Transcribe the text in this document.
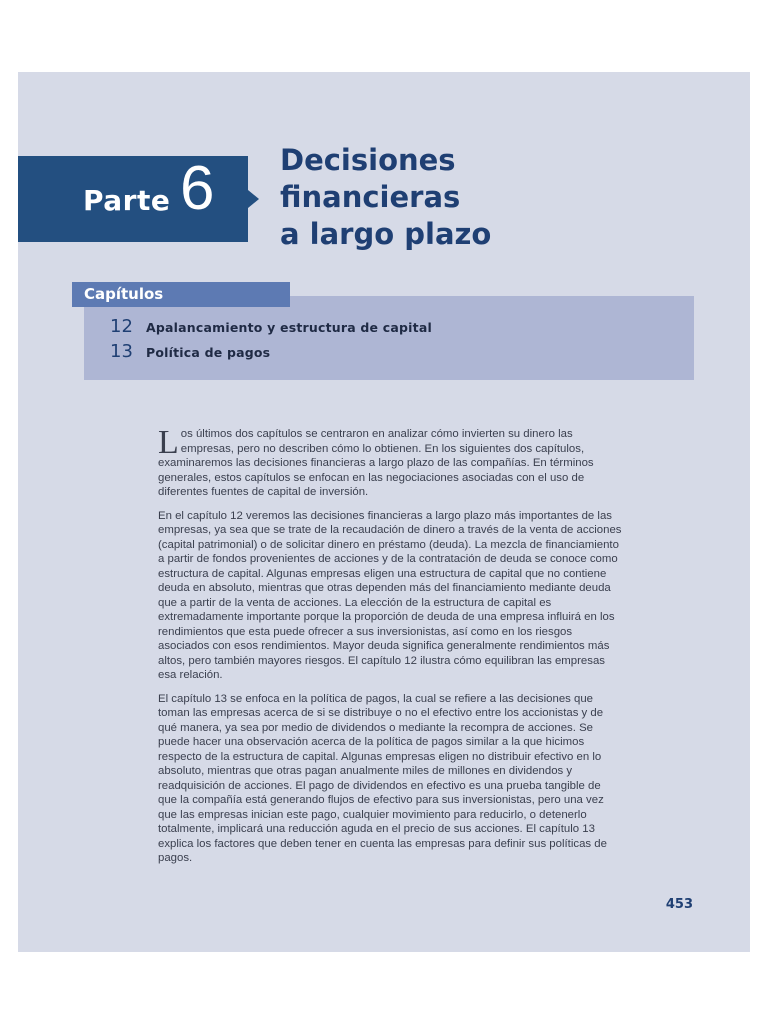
Parte 6 Decisiones
financieras
a largo plazo
Capítulos
12	Apalancamiento y estructura de capital
13	Política de pagos

Los últimos dos capítulos se centraron en analizar cómo invierten su dinero las empresas, pero no describen cómo lo obtienen. En los siguientes dos capítulos, examinaremos las decisiones financieras a largo plazo de las compañías. En términos generales, estos capítulos se enfocan en las negociaciones asociadas con el uso de diferentes fuentes de capital de inversión.

En el capítulo 12 veremos las decisiones financieras a largo plazo más importantes de las empresas, ya sea que se trate de la recaudación de dinero a través de la venta de acciones (capital patrimonial) o de solicitar dinero en préstamo (deuda). La mezcla de financiamiento a partir de fondos provenientes de acciones y de la contratación de deuda se conoce como estructura de capital. Algunas empresas eligen una estructura de capital que no contiene deuda en absoluto, mientras que otras dependen más del financiamiento mediante deuda que a partir de la venta de acciones. La elección de la estructura de capital es extremadamente importante porque la proporción de deuda de una empresa influirá en los rendimientos que esta puede ofrecer a sus inversionistas, así como en los riesgos asociados con esos rendimientos. Mayor deuda significa generalmente rendimientos más altos, pero también mayores riesgos. El capítulo 12 ilustra cómo equilibran las empresas esa relación.

El capítulo 13 se enfoca en la política de pagos, la cual se refiere a las decisiones que toman las empresas acerca de si se distribuye o no el efectivo entre los accionistas y de qué manera, ya sea por medio de dividendos o mediante la recompra de acciones. Se puede hacer una observación acerca de la política de pagos similar a la que hicimos respecto de la estructura de capital. Algunas empresas eligen no distribuir efectivo en lo absoluto, mientras que otras pagan anualmente miles de millones en dividendos y readquisición de acciones. El pago de dividendos en efectivo es una prueba tangible de que la compañía está generando flujos de efectivo para sus inversionistas, pero una vez que las empresas inician este pago, cualquier movimiento para reducirlo, o detenerlo totalmente, implicará una reducción aguda en el precio de sus acciones. El capítulo 13 explica los factores que deben tener en cuenta las empresas para definir sus políticas de pagos.

453
